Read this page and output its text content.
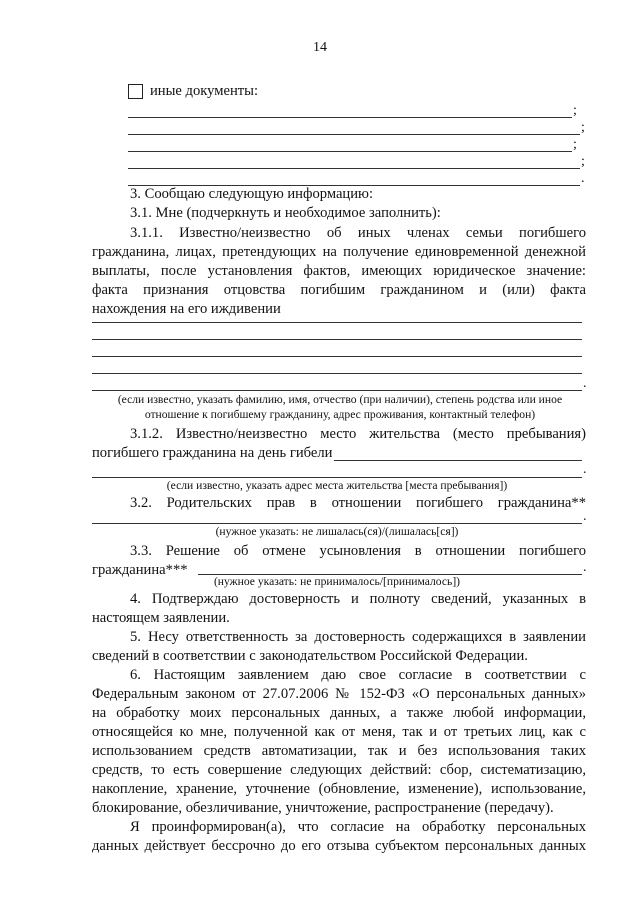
14
иные документы:
;
;
;
;
.
3. Сообщаю следующую информацию:
3.1. Мне (подчеркнуть и необходимое заполнить):
3.1.1. Известно/неизвестно об иных членах семьи погибшего
гражданина, лицах, претендующих на получение единовременной денежной
выплаты, после установления фактов, имеющих юридическое значение:
факта признания отцовства погибшим гражданином и (или) факта
нахождения на его иждивении
.
(если известно, указать фамилию, имя, отчество (при наличии), степень родства или иное
отношение к погибшему гражданину, адрес проживания, контактный телефон)
3.1.2. Известно/неизвестно место жительства (место пребывания)
погибшего гражданина на день гибели
.
(если известно, указать адрес места жительства [места пребывания])
3.2. Родительских прав в отношении погибшего гражданина**
.
(нужное указать: не лишалась(ся)/(лишалась[ся])
3.3. Решение об отмене усыновления в отношении погибшего
гражданина***	.
(нужное указать: не принималось/[принималось])
4. Подтверждаю достоверность и полноту сведений, указанных в
настоящем заявлении.
5. Несу ответственность за достоверность содержащихся в заявлении
сведений в соответствии с законодательством Российской Федерации.
6. Настоящим заявлением даю свое согласие в соответствии с
Федеральным законом от 27.07.2006 № 152-ФЗ «О персональных данных»
на обработку моих персональных данных, а также любой информации,
относящейся ко мне, полученной как от меня, так и от третьих лиц, как с
использованием средств автоматизации, так и без использования таких
средств, то есть совершение следующих действий: сбор, систематизацию,
накопление, хранение, уточнение (обновление, изменение), использование,
блокирование, обезличивание, уничтожение, распространение (передачу).
Я проинформирован(а), что согласие на обработку персональных
данных действует бессрочно до его отзыва субъектом персональных данных
